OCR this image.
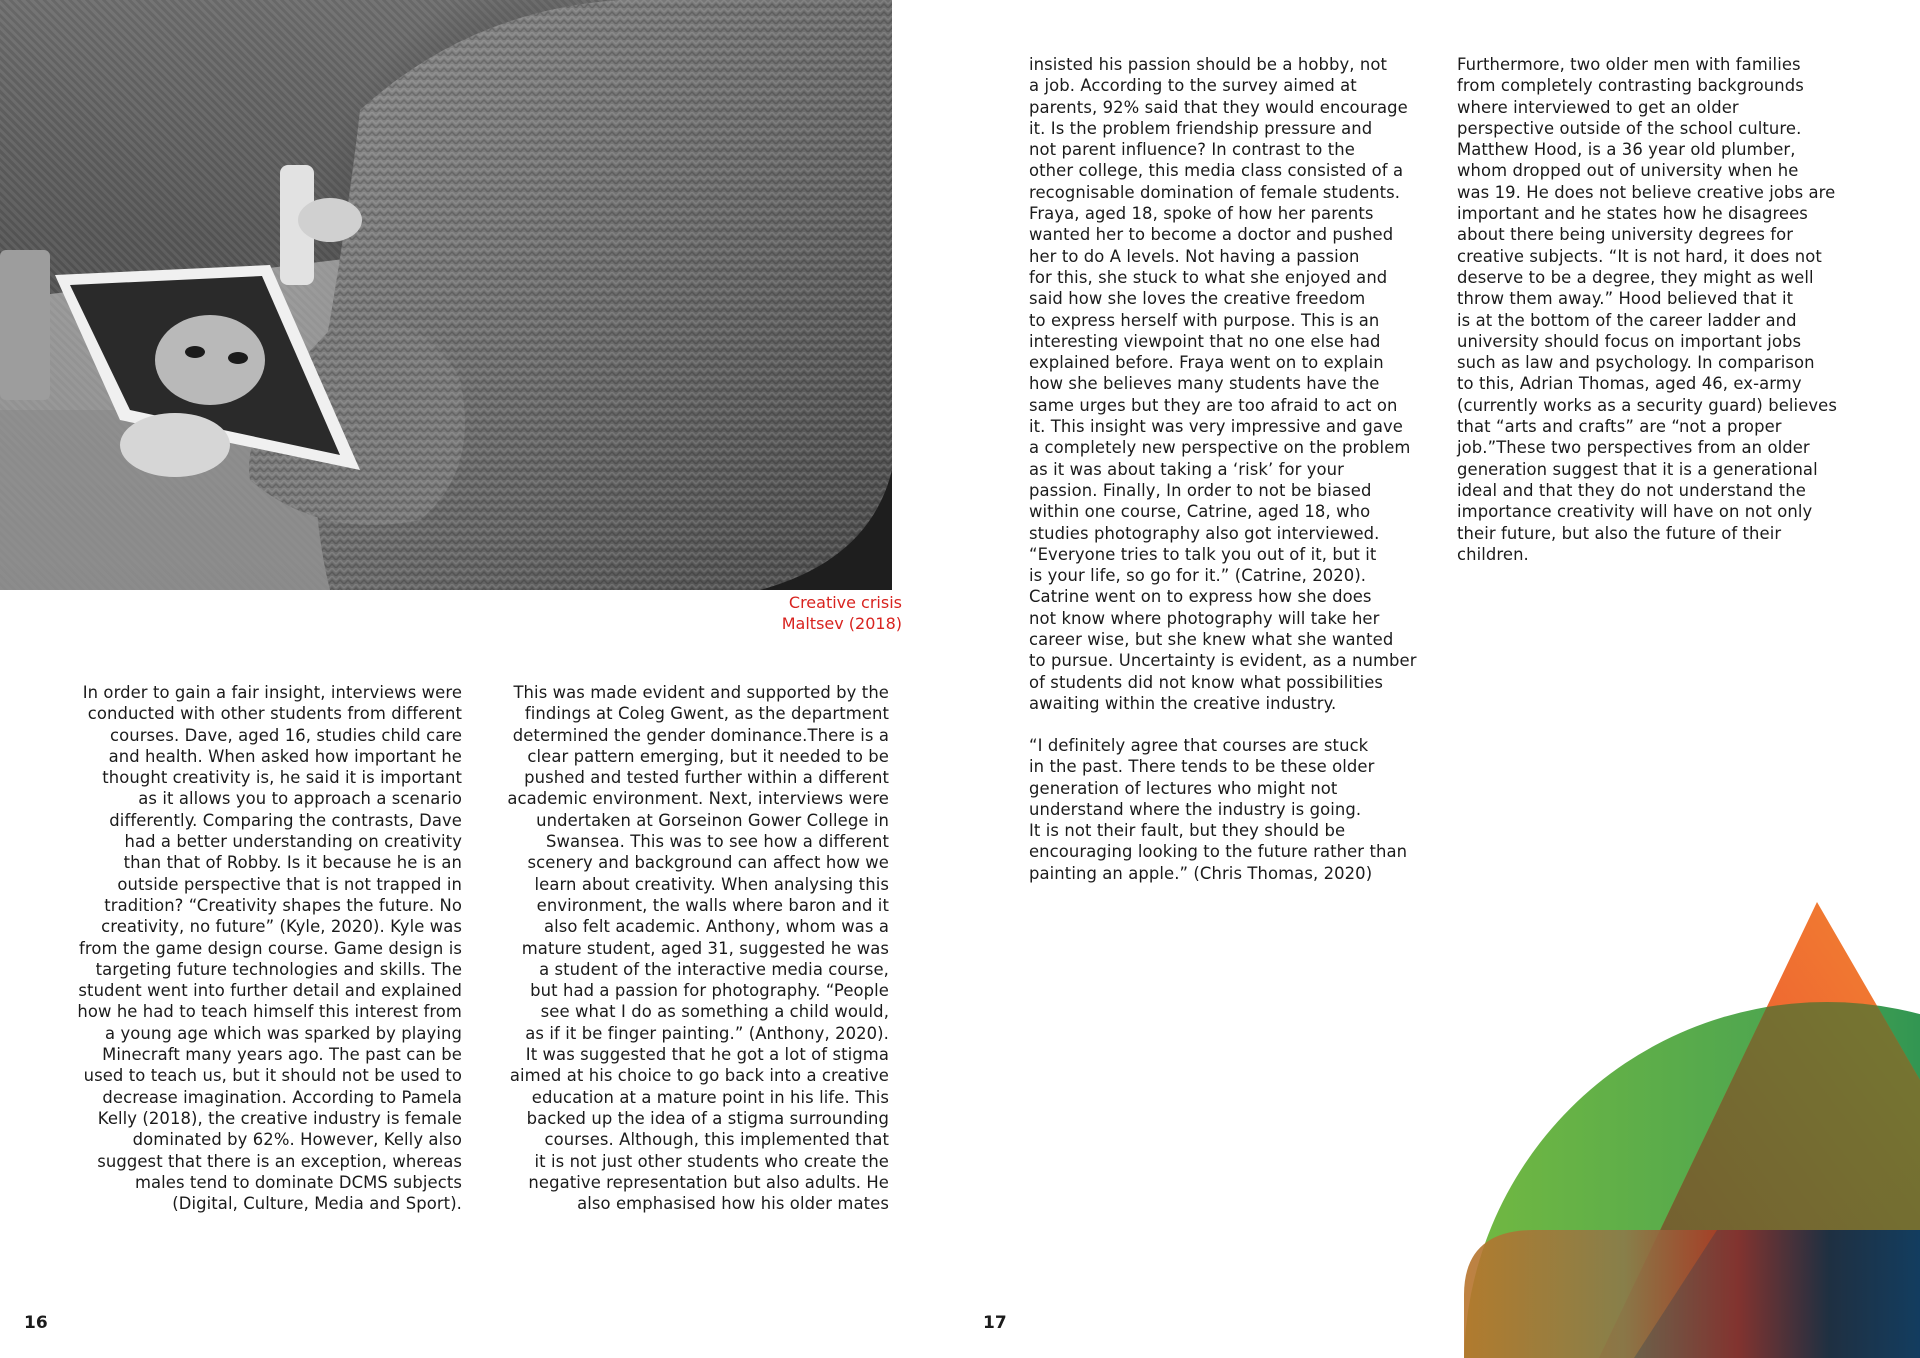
Creative crisis
Maltsev (2018)
In order to gain a fair insight, interviews were
conducted with other students from different
courses. Dave, aged 16, studies child care
and health. When asked how important he
thought creativity is, he said it is important
as it allows you to approach a scenario
differently. Comparing the contrasts, Dave
had a better understanding on creativity
than that of Robby. Is it because he is an
outside perspective that is not trapped in
tradition? “Creativity shapes the future. No
creativity, no future” (Kyle, 2020). Kyle was
from the game design course. Game design is
targeting future technologies and skills. The
student went into further detail and explained
how he had to teach himself this interest from
a young age which was sparked by playing
Minecraft many years ago. The past can be
used to teach us, but it should not be used to
decrease imagination. According to Pamela
Kelly (2018), the creative industry is female
dominated by 62%. However, Kelly also
suggest that there is an exception, whereas
males tend to dominate DCMS subjects
(Digital, Culture, Media and Sport).
This was made evident and supported by the
findings at Coleg Gwent, as the department
determined the gender dominance.There is a
clear pattern emerging, but it needed to be
pushed and tested further within a different
academic environment. Next, interviews were
undertaken at Gorseinon Gower College in
Swansea. This was to see how a different
scenery and background can affect how we
learn about creativity. When analysing this
environment, the walls where baron and it
also felt academic. Anthony, whom was a
mature student, aged 31, suggested he was
a student of the interactive media course,
but had a passion for photography. “People
see what I do as something a child would,
as if it be finger painting.” (Anthony, 2020).
It was suggested that he got a lot of stigma
aimed at his choice to go back into a creative
education at a mature point in his life. This
backed up the idea of a stigma surrounding
courses. Although, this implemented that
it is not just other students who create the
negative representation but also adults. He
also emphasised how his older mates
16
insisted his passion should be a hobby, not
a job. According to the survey aimed at
parents, 92% said that they would encourage
it. Is the problem friendship pressure and
not parent influence? In contrast to the
other college, this media class consisted of a
recognisable domination of female students.
Fraya, aged 18, spoke of how her parents
wanted her to become a doctor and pushed
her to do A levels. Not having a passion
for this, she stuck to what she enjoyed and
said how she loves the creative freedom
to express herself with purpose. This is an
interesting viewpoint that no one else had
explained before. Fraya went on to explain
how she believes many students have the
same urges but they are too afraid to act on
it. This insight was very impressive and gave
a completely new perspective on the problem
as it was about taking a ‘risk’ for your
passion. Finally, In order to not be biased
within one course, Catrine, aged 18, who
studies photography also got interviewed.
“Everyone tries to talk you out of it, but it
is your life, so go for it.” (Catrine, 2020).
Catrine went on to express how she does
not know where photography will take her
career wise, but she knew what she wanted
to pursue. Uncertainty is evident, as a number
of students did not know what possibilities
awaiting within the creative industry.
“I definitely agree that courses are stuck
in the past. There tends to be these older
generation of lectures who might not
understand where the industry is going.
It is not their fault, but they should be
encouraging looking to the future rather than
painting an apple.” (Chris Thomas, 2020)
Furthermore, two older men with families
from completely contrasting backgrounds
where interviewed to get an older
perspective outside of the school culture.
Matthew Hood, is a 36 year old plumber,
whom dropped out of university when he
was 19. He does not believe creative jobs are
important and he states how he disagrees
about there being university degrees for
creative subjects. “It is not hard, it does not
deserve to be a degree, they might as well
throw them away.” Hood believed that it
is at the bottom of the career ladder and
university should focus on important jobs
such as law and psychology. In comparison
to this, Adrian Thomas, aged 46, ex-army
(currently works as a security guard) believes
that “arts and crafts” are “not a proper
job.”These two perspectives from an older
generation suggest that it is a generational
ideal and that they do not understand the
importance creativity will have on not only
their future, but also the future of their
children.
17
